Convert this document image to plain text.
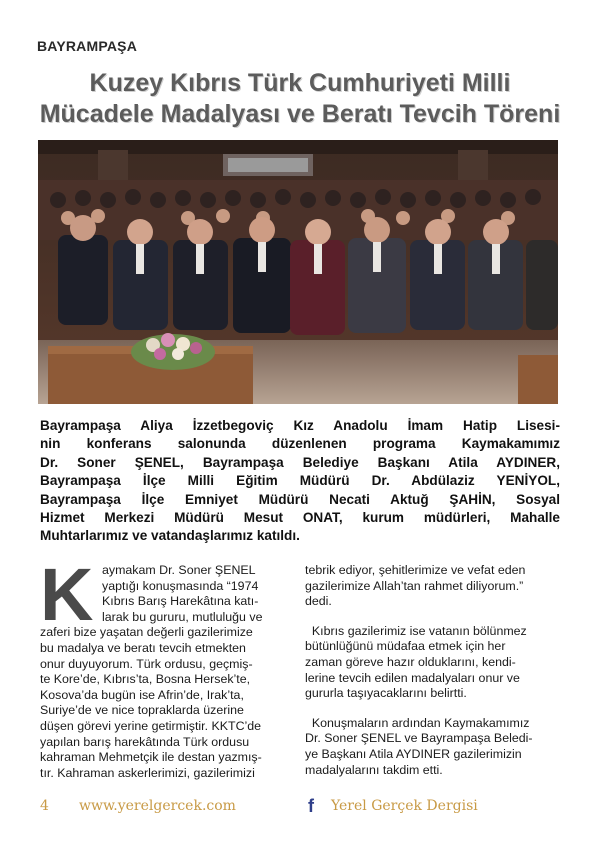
BAYRAMPAŞA
Kuzey Kıbrıs Türk Cumhuriyeti Milli
Mücadele Madalyası ve Beratı Tevcih Töreni
Bayrampaşa Aliya İzzetbegoviç Kız Anadolu İmam Hatip Lisesi-
nin konferans salonunda düzenlenen programa Kaymakamımız
Dr. Soner ŞENEL, Bayrampaşa Belediye Başkanı Atila AYDINER,
Bayrampaşa İlçe Milli Eğitim Müdürü Dr. Abdülaziz YENİYOL,
Bayrampaşa İlçe Emniyet Müdürü Necati Aktuğ ŞAHİN, Sosyal
Hizmet Merkezi Müdürü Mesut ONAT, kurum müdürleri, Mahalle
Muhtarlarımız ve vatandaşlarımız katıldı.
K aymakam Dr. Soner ŞENEL
yaptığı konuşmasında “1974
Kıbrıs Barış Harekâtına katı-
larak bu gururu, mutluluğu ve
zaferi bize yaşatan değerli gazilerimize
bu madalya ve beratı tevcih etmekten
onur duyuyorum. Türk ordusu, geçmiş-
te Kore’de, Kıbrıs’ta, Bosna Hersek’te,
Kosova’da bugün ise Afrin’de, Irak’ta,
Suriye’de ve nice topraklarda üzerine
düşen görevi yerine getirmiştir. KKTC’de
yapılan barış harekâtında Türk ordusu
kahraman Mehmetçik ile destan yazmış-
tır. Kahraman askerlerimizi, gazilerimizi
tebrik ediyor, şehitlerimize ve vefat eden
gazilerimize Allah’tan rahmet diliyorum.”
dedi.
Kıbrıs gazilerimiz ise vatanın bölünmez
bütünlüğünü müdafaa etmek için her
zaman göreve hazır olduklarını, kendi-
lerine tevcih edilen madalyaları onur ve
gururla taşıyacaklarını belirtti.
Konuşmaların ardından Kaymakamımız
Dr. Soner ŞENEL ve Bayrampaşa Beledi-
ye Başkanı Atila AYDINER gazilerimizin
madalyalarını takdim etti.
4 www.yerelgercek.com	f Yerel Gerçek Dergisi
